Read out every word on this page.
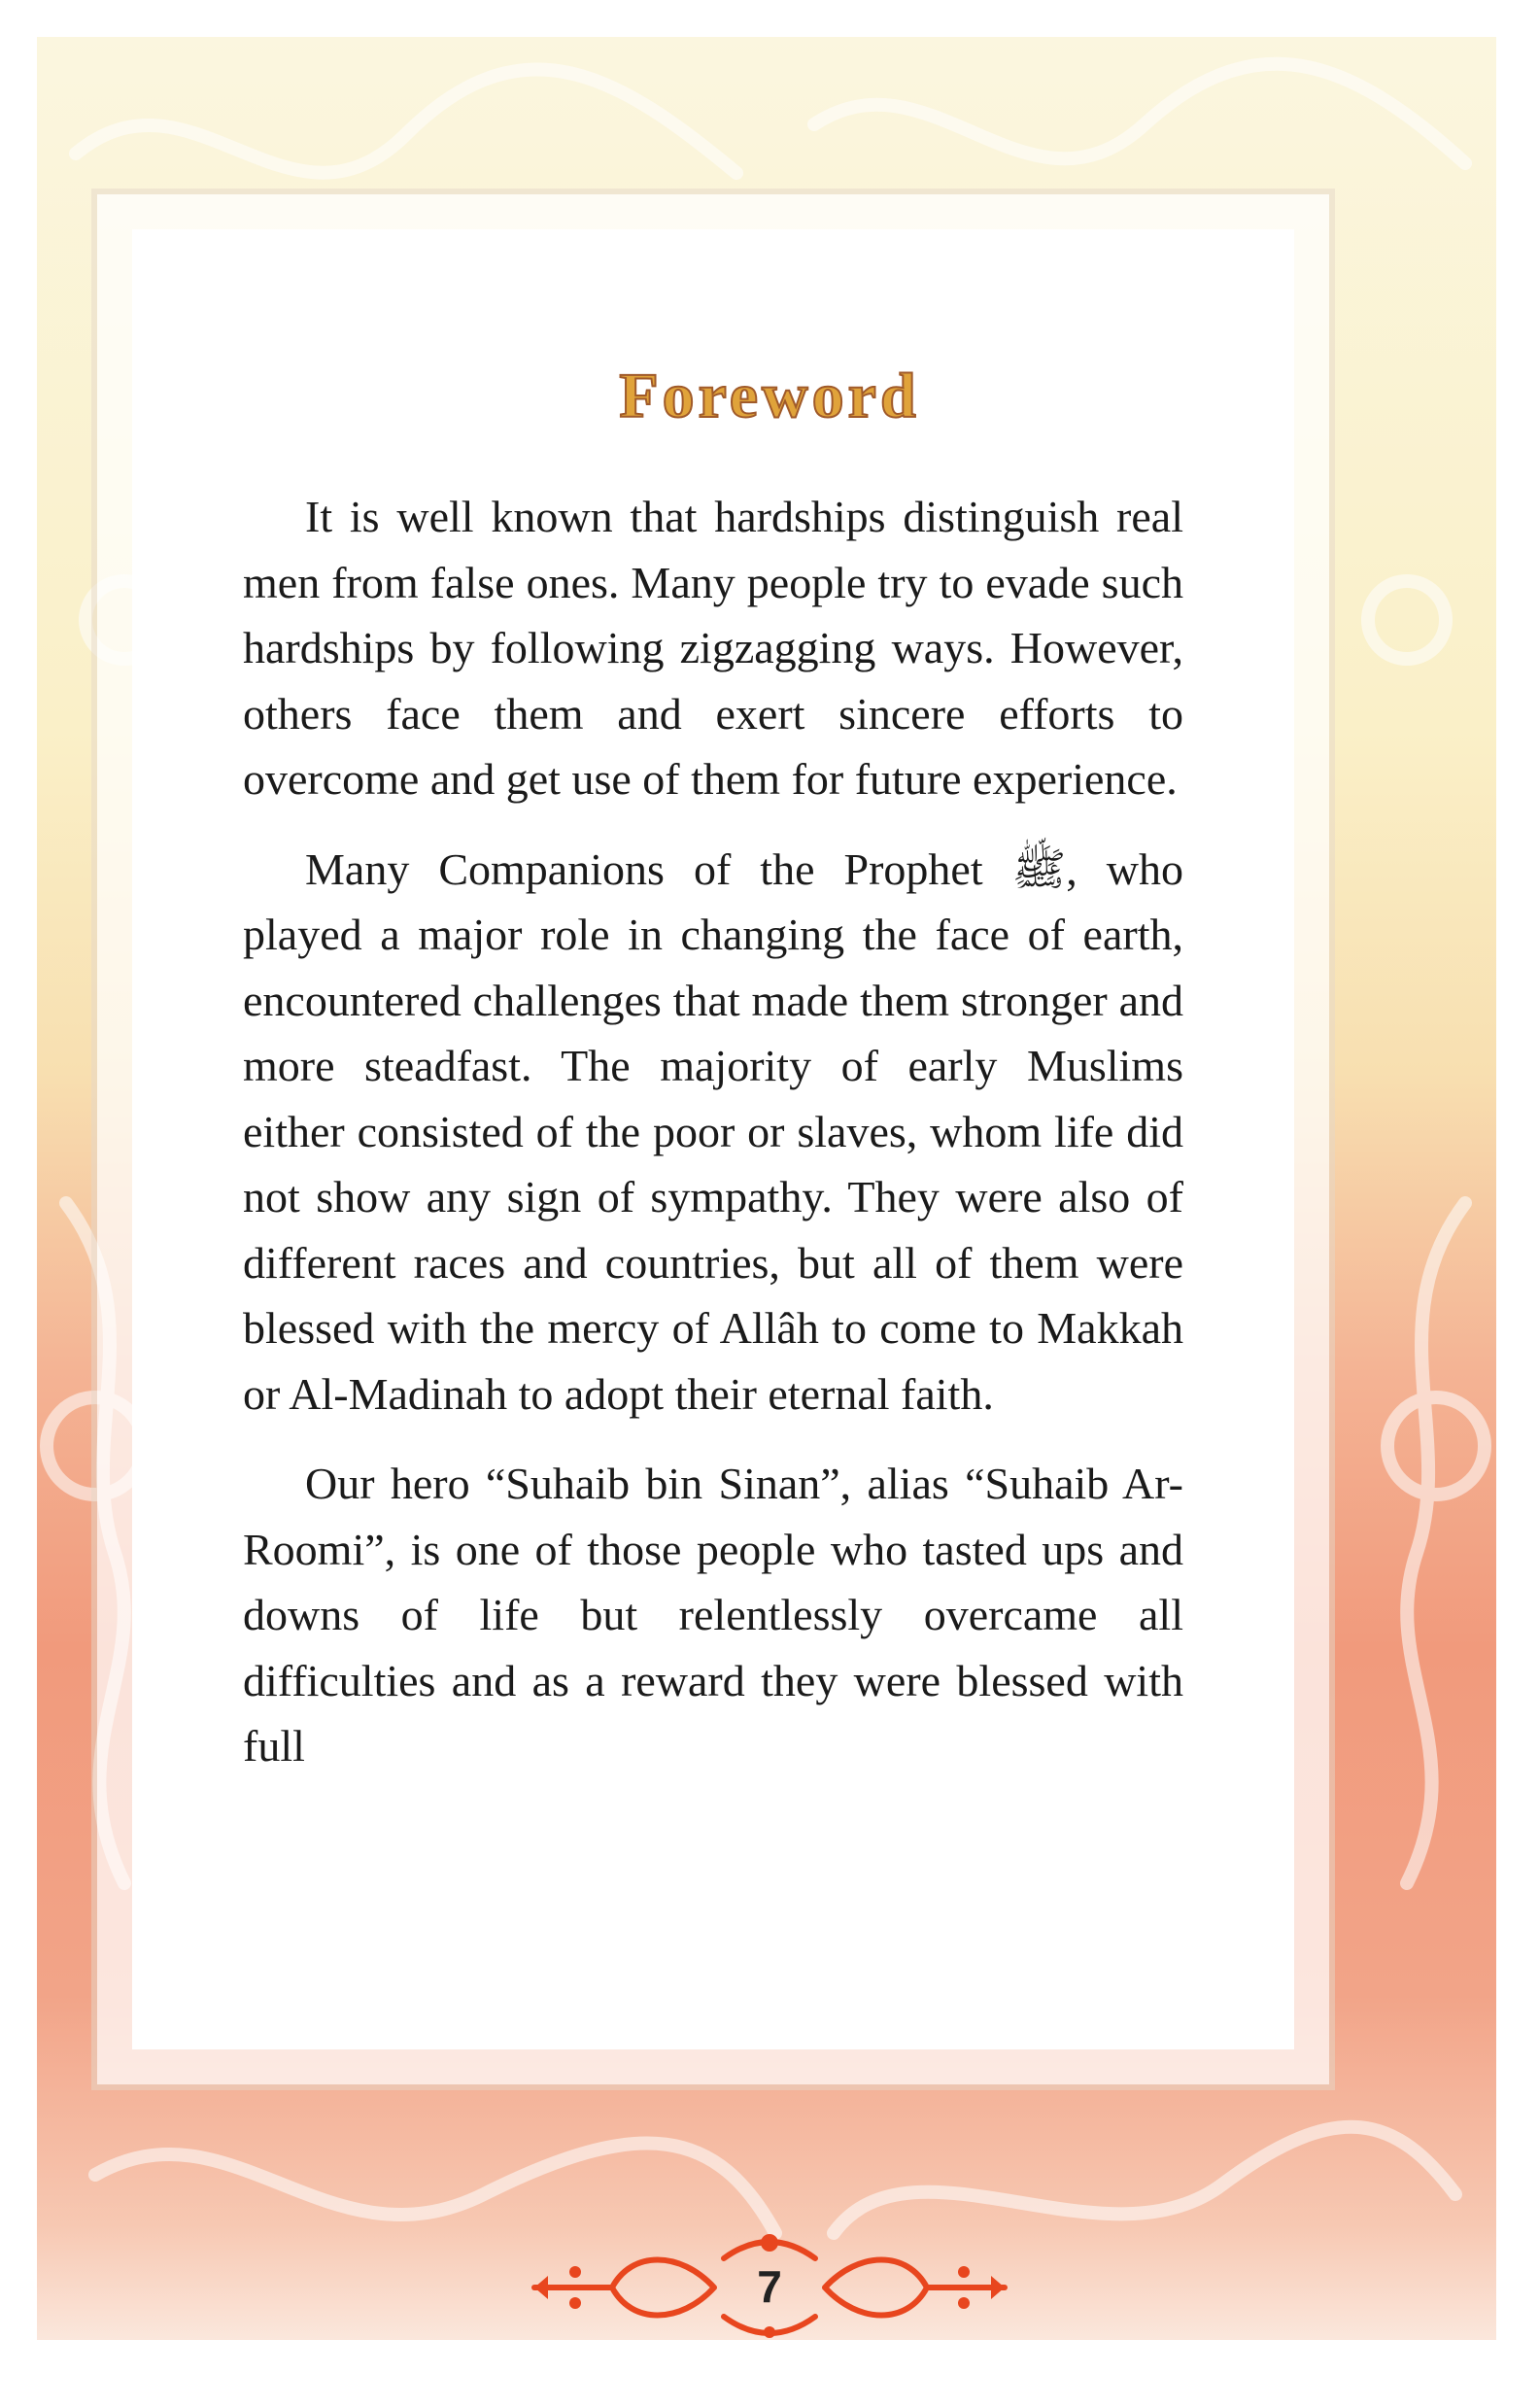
Foreword

It is well known that hardships distinguish real men from false ones. Many people try to evade such hardships by following zigzagging ways. However, others face them and exert sincere efforts to overcome and get use of them for future experience.

Many Companions of the Prophet ﷺ, who played a major role in changing the face of earth, encountered challenges that made them stronger and more steadfast. The majority of early Muslims either consisted of the poor or slaves, whom life did not show any sign of sympathy. They were also of different races and countries, but all of them were blessed with the mercy of Allâh to come to Makkah or Al-Madinah to adopt their eternal faith.

Our hero “Suhaib bin Sinan”, alias “Suhaib Ar-Roomi”, is one of those people who tasted ups and downs of life but relentlessly overcame all difficulties and as a reward they were blessed with full

7
